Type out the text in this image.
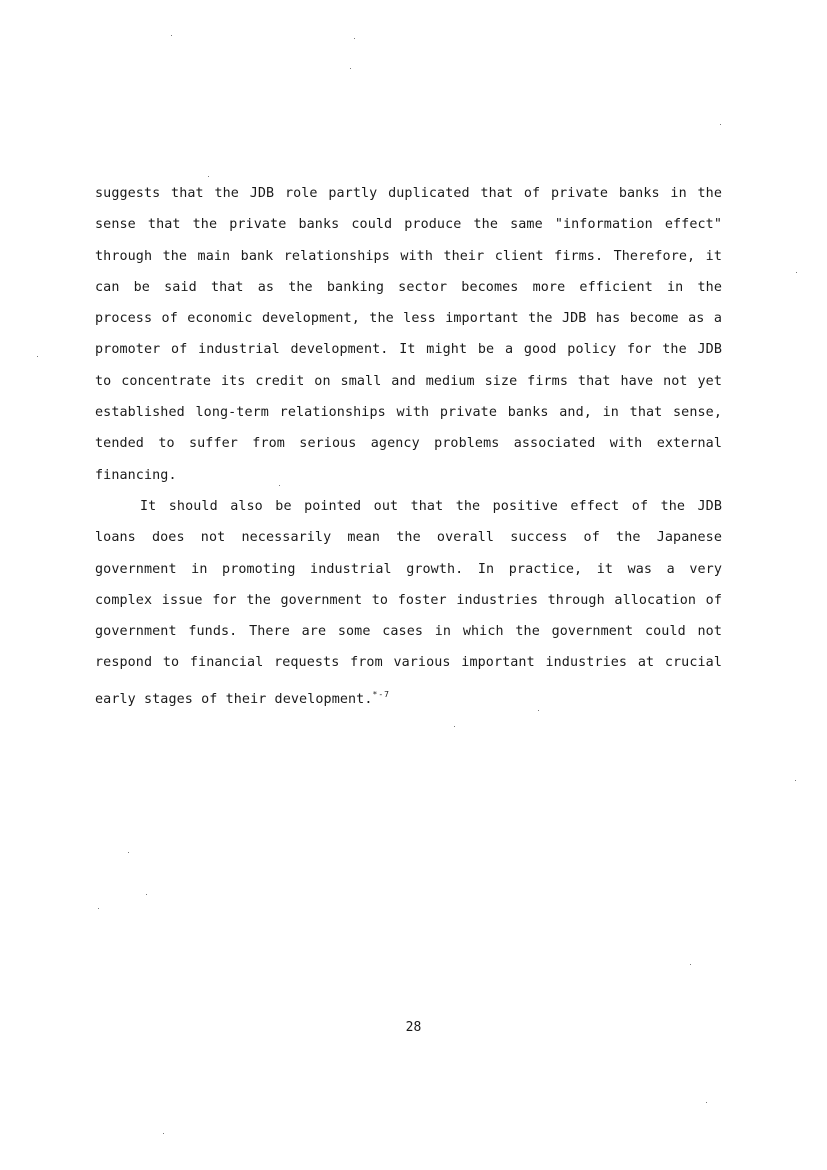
suggests that the JDB role partly duplicated that of private banks in the
sense that the private banks could produce the same "information effect"
through the main bank relationships with their client firms. Therefore, it
can be said that as the banking sector becomes more efficient in the
process of economic development, the less important the JDB has become as a
promoter of industrial development. It might be a good policy for the JDB
to concentrate its credit on small and medium size firms that have not yet
established long-term relationships with private banks and, in that sense,
tended to suffer from serious agency problems associated with external
financing.
It should also be pointed out that the positive effect of the JDB
loans does not necessarily mean the overall success of the Japanese
government in promoting industrial growth. In practice, it was a very
complex issue for the government to foster industries through allocation of
government funds. There are some cases in which the government could not
respond to financial requests from various important industries at crucial
early stages of their development.$^{*-7}$
28
